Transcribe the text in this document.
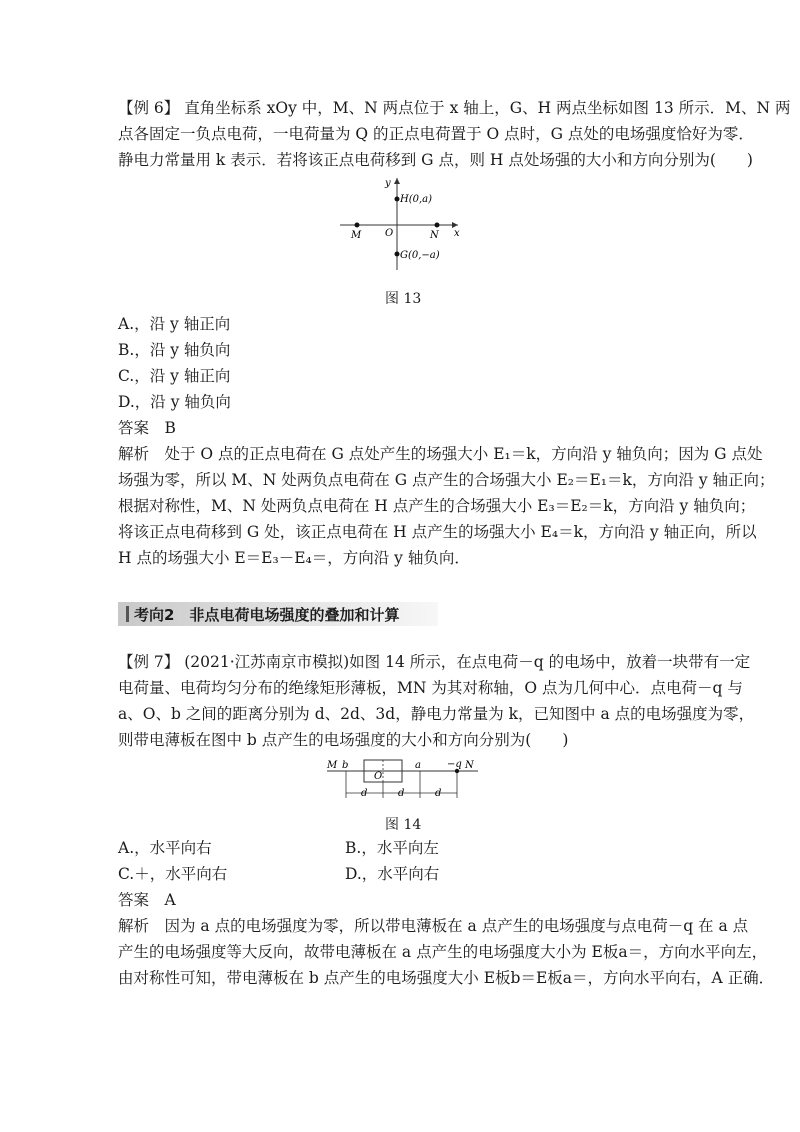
【例 6】 直角坐标系 xOy 中，M、N 两点位于 x 轴上，G、H 两点坐标如图 13 所示．M、N 两
点各固定一负点电荷，一电荷量为 Q 的正点电荷置于 O 点时，G 点处的电场强度恰好为零．
静电力常量用 k 表示．若将该正点电荷移到 G 点，则 H 点处场强的大小和方向分别为(　　)
y
x
H(0,a)
G(0,−a)
M	N
O
图 13
A.，沿 y 轴正向
B.，沿 y 轴负向
C.，沿 y 轴正向
D.，沿 y 轴负向
答案　B
解析　处于 O 点的正点电荷在 G 点处产生的场强大小 E₁＝k，方向沿 y 轴负向；因为 G 点处
场强为零，所以 M、N 处两负点电荷在 G 点产生的合场强大小 E₂＝E₁＝k，方向沿 y 轴正向；
根据对称性，M、N 处两负点电荷在 H 点产生的合场强大小 E₃＝E₂＝k，方向沿 y 轴负向；
将该正点电荷移到 G 处，该正点电荷在 H 点产生的场强大小 E₄＝k，方向沿 y 轴正向，所以
H 点的场强大小 E＝E₃－E₄＝，方向沿 y 轴负向．
考向2　非点电荷电场强度的叠加和计算
【例 7】 (2021·江苏南京市模拟)如图 14 所示，在点电荷－q 的电场中，放着一块带有一定
电荷量、电荷均匀分布的绝缘矩形薄板，MN 为其对称轴，O 点为几何中心．点电荷－q 与
a、O、b 之间的距离分别为 d、2d、3d，静电力常量为 k，已知图中 a 点的电场强度为零，
则带电薄板在图中 b 点产生的电场强度的大小和方向分别为(　　)
M b
O
a	−q N
d	d	d
图 14
A.，水平向右	B.，水平向左
C.＋，水平向右	D.，水平向右
答案　A
解析　因为 a 点的电场强度为零，所以带电薄板在 a 点产生的电场强度与点电荷－q 在 a 点
产生的电场强度等大反向，故带电薄板在 a 点产生的电场强度大小为 E板a＝，方向水平向左，
由对称性可知，带电薄板在 b 点产生的电场强度大小 E板b＝E板a＝，方向水平向右，A 正确．
